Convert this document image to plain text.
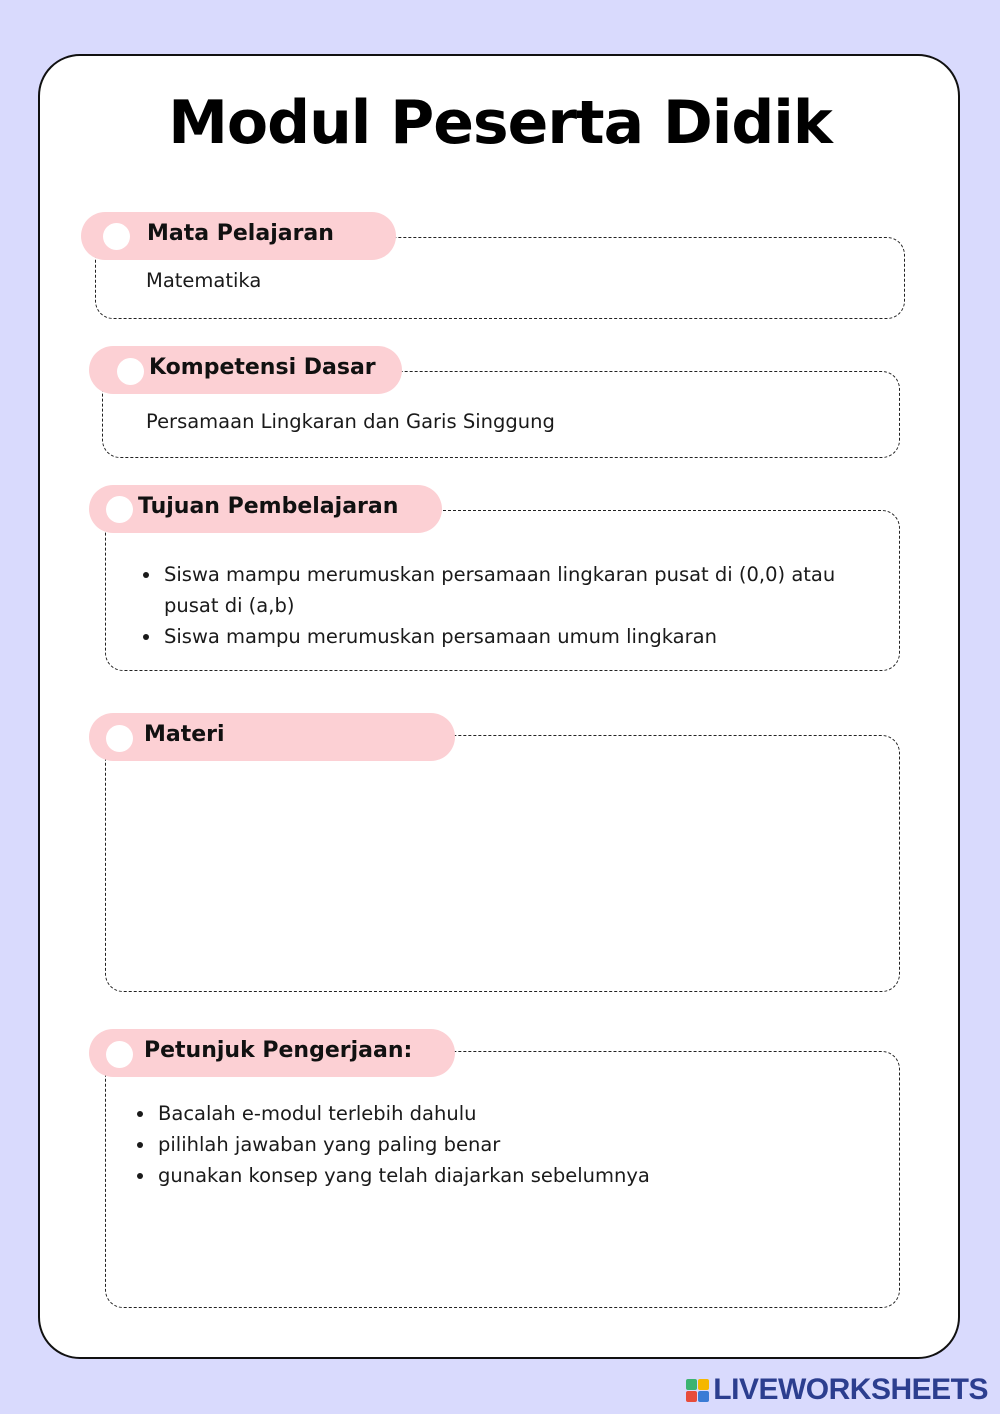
Modul Peserta Didik
Mata Pelajaran
Matematika
Kompetensi Dasar
Persamaan Lingkaran dan Garis Singgung
Tujuan Pembelajaran
• Siswa mampu merumuskan persamaan lingkaran pusat di (0,0) atau pusat di (a,b)
• Siswa mampu merumuskan persamaan umum lingkaran
Materi
Petunjuk Pengerjaan:
• Bacalah e-modul terlebih dahulu
• pilihlah jawaban yang paling benar
• gunakan konsep yang telah diajarkan sebelumnya
LIVEWORKSHEETS
